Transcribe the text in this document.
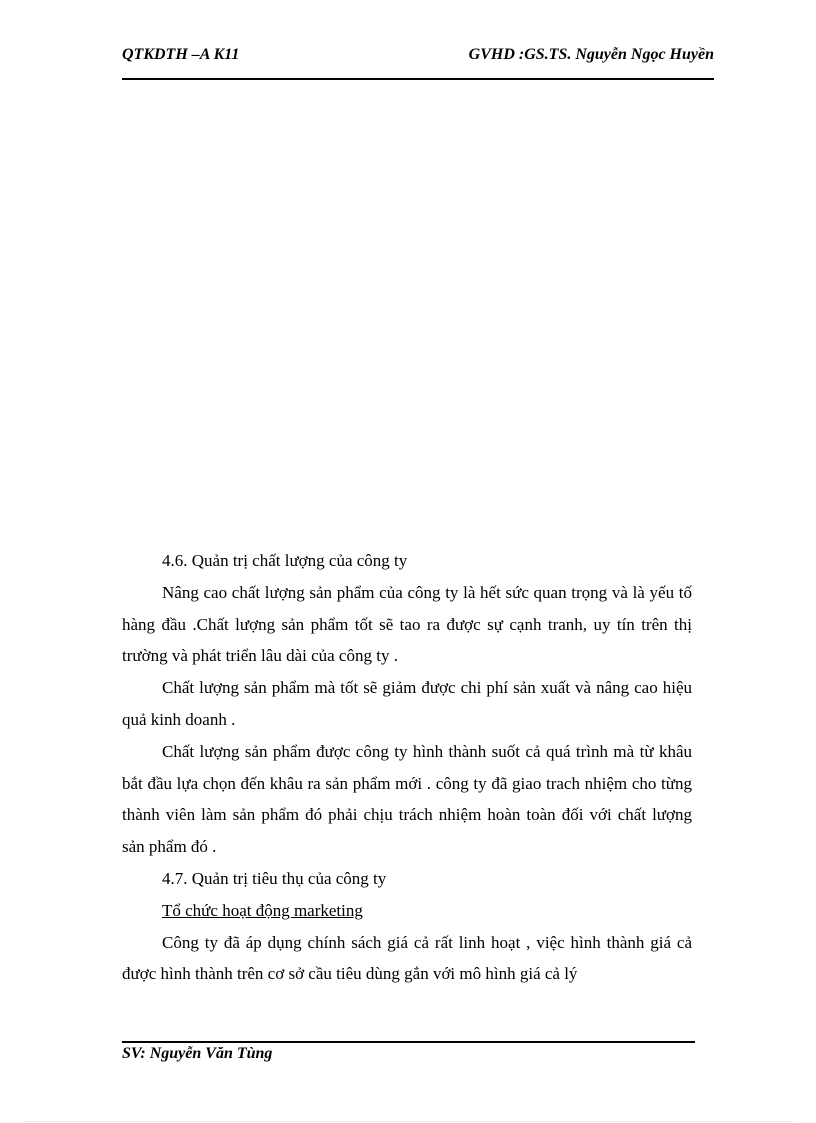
QTKDTH –A K11	GVHD :GS.TS. Nguyễn Ngọc Huyền

4.6. Quản trị chất lượng của công ty

Nâng cao chất lượng sản phẩm của công ty là hết sức quan trọng và là yếu tố hàng đầu .Chất lượng sản phẩm tốt sẽ tao ra được sự cạnh tranh, uy tín trên thị trường và phát triển lâu dài của công ty .

Chất lượng sản phẩm mà tốt sẽ giảm được chi phí sản xuất và nâng cao hiệu quả kinh doanh .

Chất lượng sản phẩm được công ty hình thành suốt cả quá trình mà từ khâu bắt đầu lựa chọn đến khâu ra sản phẩm mới . công ty đã giao trach nhiệm cho từng thành viên làm sản phẩm đó phải chịu trách nhiệm hoàn toàn đối với chất lượng sản phẩm đó .

4.7. Quản trị tiêu thụ của công ty

Tổ chức hoạt động marketing

Công ty đã áp dụng chính sách giá cả rất linh hoạt , việc hình thành giá cả được hình thành trên cơ sở cầu tiêu dùng gắn với mô hình giá cả lý

SV: Nguyễn Văn Tùng
